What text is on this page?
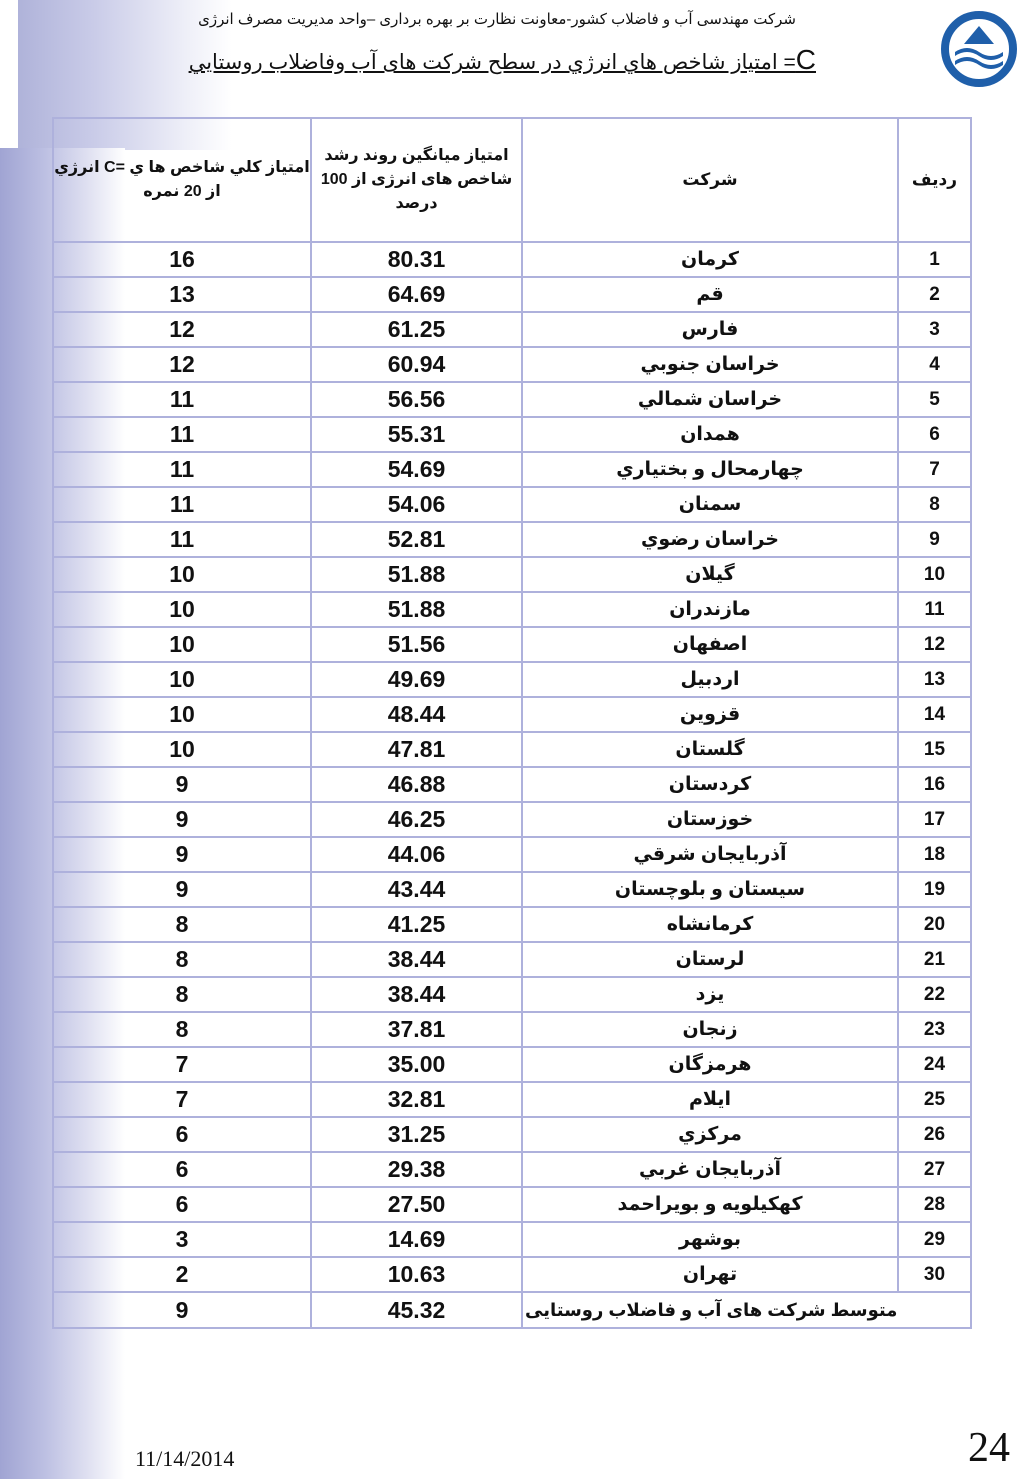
شرکت مهندسی آب و فاضلاب کشور-معاونت نظارت بر بهره برداری –واحد مدیریت مصرف انرژی
C= امتیاز شاخص هاي انرژي در سطح شرکت های آب وفاضلاب روستايي
رديف	شرکت	امتياز ميانگين روند رشد شاخص های انرژی از 100 درصد	امتياز كلي شاخص ها ي =C انرژي از 20 نمره
1	کرمان	80.31	16
2	قم	64.69	13
3	فارس	61.25	12
4	خراسان جنوبي	60.94	12
5	خراسان شمالي	56.56	11
6	همدان	55.31	11
7	چهارمحال و بختياري	54.69	11
8	سمنان	54.06	11
9	خراسان رضوي	52.81	11
10	گيلان	51.88	10
11	مازندران	51.88	10
12	اصفهان	51.56	10
13	اردبيل	49.69	10
14	قزوين	48.44	10
15	گلستان	47.81	10
16	کردستان	46.88	9
17	خوزستان	46.25	9
18	آذربايجان شرقي	44.06	9
19	سيستان و بلوچستان	43.44	9
20	کرمانشاه	41.25	8
21	لرستان	38.44	8
22	يزد	38.44	8
23	زنجان	37.81	8
24	هرمزگان	35.00	7
25	ايلام	32.81	7
26	مرکزي	31.25	6
27	آذربايجان غربي	29.38	6
28	کهکيلويه و بويراحمد	27.50	6
29	بوشهر	14.69	3
30	تهران	10.63	2
متوسط شرکت های آب و فاضلاب روستایی		45.32	9
11/14/2014	24
